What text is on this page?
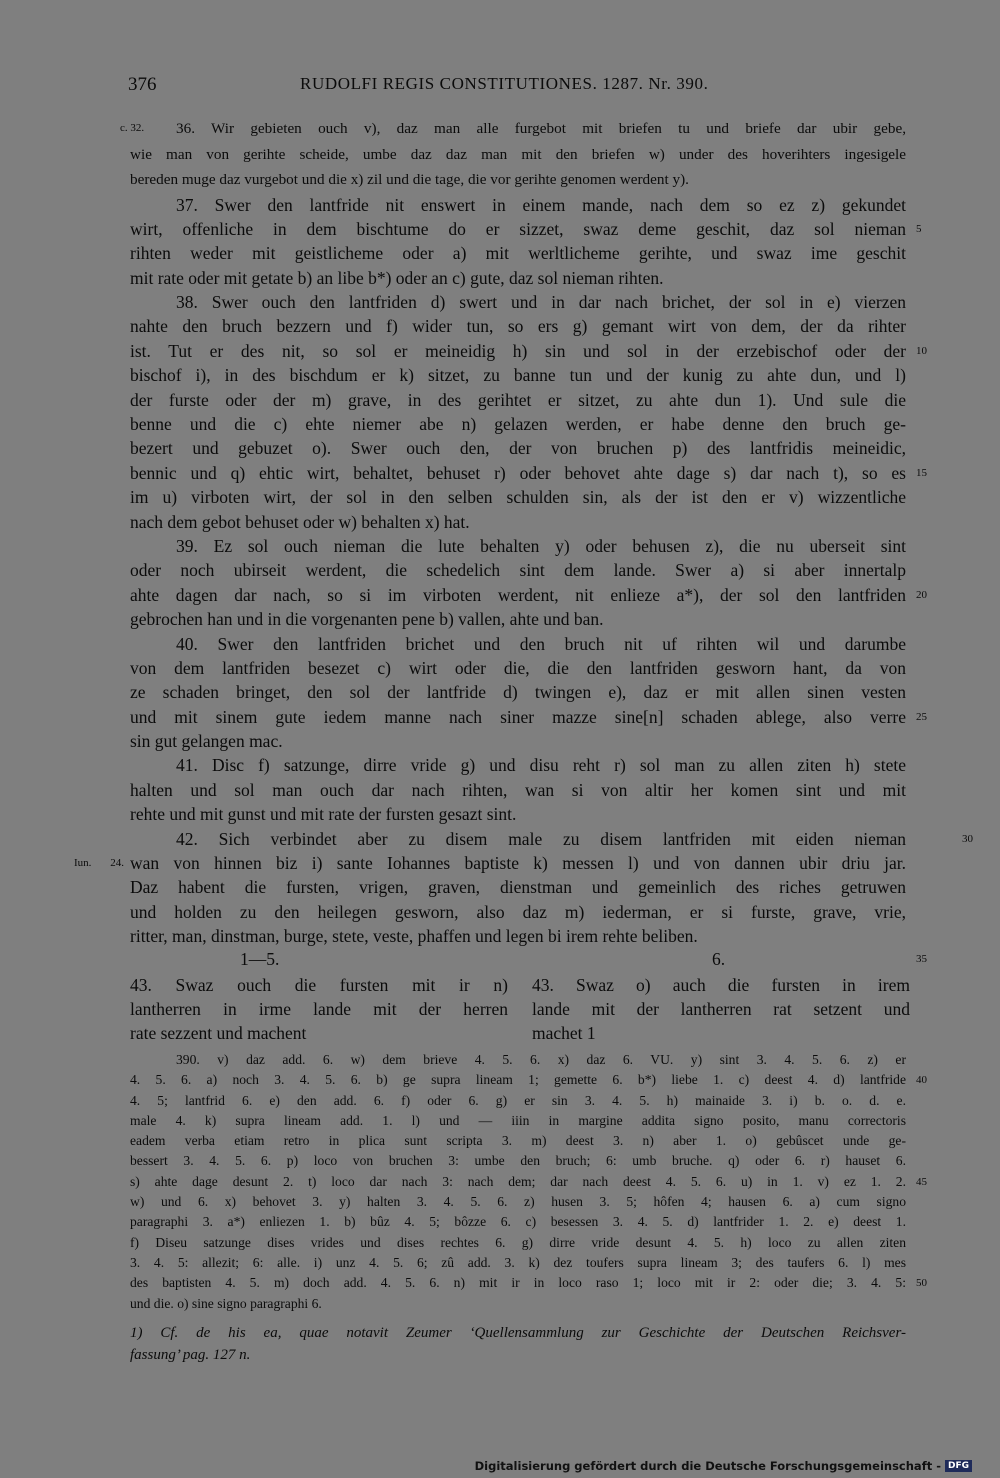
376	RUDOLFI REGIS CONSTITUTIONES. 1287. Nr. 390.
36. Wir gebieten ouch v), daz man alle furgebot mit briefen tu und briefe dar ubir gebe,
c. 32.
wie man von gerihte scheide, umbe daz daz man mit den briefen w) under des hoverihters ingesigele
bereden muge daz vurgebot und die x) zil und die tage, die vor gerihte genomen werdent y).
37. Swer den lantfride nit enswert in einem mande, nach dem so ez z) gekundet
wirt, offenliche in dem bischtume do er sizzet, swaz deme geschit, daz sol nieman 5
rihten weder mit geistlicheme oder a) mit werltlicheme gerihte, und swaz ime geschit
mit rate oder mit getate b) an libe b*) oder an c) gute, daz sol nieman rihten.
38. Swer ouch den lantfriden d) swert und in dar nach brichet, der sol in e) vierzen
nahte den bruch bezzern und f) wider tun, so ers g) gemant wirt von dem, der da rihter
ist. Tut er des nit, so sol er meineidig h) sin und sol in der erzebischof oder der 10
bischof i), in des bischdum er k) sitzet, zu banne tun und der kunig zu ahte dun, und l)
der furste oder der m) grave, in des gerihtet er sitzet, zu ahte dun 1). Und sule die
benne und die c) ehte niemer abe n) gelazen werden, er habe denne den bruch ge-
bezert und gebuzet o). Swer ouch den, der von bruchen p) des lantfridis meineidic,
bennic und q) ehtic wirt, behaltet, behuset r) oder behovet ahte dage s) dar nach t), so es 15
im u) virboten wirt, der sol in den selben schulden sin, als der ist den er v) wizzentliche
nach dem gebot behuset oder w) behalten x) hat.
39. Ez sol ouch nieman die lute behalten y) oder behusen z), die nu uberseit sint
oder noch ubirseit werdent, die schedelich sint dem lande. Swer a) si aber innertalp
ahte dagen dar nach, so si im virboten werdent, nit enlieze a*), der sol den lantfriden 20
gebrochen han und in die vorgenanten pene b) vallen, ahte und ban.
40. Swer den lantfriden brichet und den bruch nit uf rihten wil und darumbe
von dem lantfriden besezet c) wirt oder die, die den lantfriden gesworn hant, da von
ze schaden bringet, den sol der lantfride d) twingen e), daz er mit allen sinen vesten
und mit sinem gute iedem manne nach siner mazze sine[n] schaden ablege, also verre 25
sin gut gelangen mac.
41. Disc f) satzunge, dirre vride g) und disu reht r) sol man zu allen ziten h) stete
halten und sol man ouch dar nach rihten, wan si von altir her komen sint und mit
rehte und mit gunst und mit rate der fursten gesazt sint.
42. Sich verbindet aber zu disem male zu disem lantfriden mit eiden nieman	30
wan von hinnen biz i) sante Iohannes baptiste k) messen l) und von dannen ubir driu jar.
Iun. 24.
Daz habent die fursten, vrigen, graven, dienstman und gemeinlich des riches getruwen
und holden zu den heilegen gesworn, also daz m) iederman, er si furste, grave, vrie,
ritter, man, dinstman, burge, stete, veste, phaffen und legen bi irem rehte beliben.
1—5.	6.	35
43. Swaz ouch die fursten mit ir n)
lantherren in irme lande mit der herren
rate sezzent und machent
43. Swaz o) auch die fursten in irem
lande mit der lantherren rat setzent und
machet 1
390. v) daz add. 6. w) dem brieve 4. 5. 6. x) daz 6. VU. y) sint 3. 4. 5. 6. z) er
4. 5. 6. a) noch 3. 4. 5. 6. b) ge supra lineam 1; gemette 6. b*) liebe 1. c) deest 4. d) lantfride 40
4. 5; lantfrid 6. e) den add. 6. f) oder 6. g) er sin 3. 4. 5. h) mainaide 3. i) b. o. d. e.
male 4. k) supra lineam add. 1. l) und — iiin in margine addita signo posito, manu correctoris
eadem verba etiam retro in plica sunt scripta 3. m) deest 3. n) aber 1. o) gebûscet unde ge-
bessert 3. 4. 5. 6. p) loco von bruchen 3: umbe den bruch; 6: umb bruche. q) oder 6. r) hauset 6.
s) ahte dage desunt 2. t) loco dar nach 3: nach dem; dar nach deest 4. 5. 6. u) in 1. v) ez 1. 2. 45
w) und 6. x) behovet 3. y) halten 3. 4. 5. 6. z) husen 3. 5; hôfen 4; hausen 6. a) cum signo
paragraphi 3. a*) enliezen 1. b) bûz 4. 5; bôzze 6. c) besessen 3. 4. 5. d) lantfrider 1. 2. e) deest 1.
f) Diseu satzunge dises vrides und dises rechtes 6. g) dirre vride desunt 4. 5. h) loco zu allen ziten
3. 4. 5: allezit; 6: alle. i) unz 4. 5. 6; zû add. 3. k) dez toufers supra lineam 3; des taufers 6. l) mes
des baptisten 4. 5. m) doch add. 4. 5. 6. n) mit ir in loco raso 1; loco mit ir 2: oder die; 3. 4. 5: 50
und die. o) sine signo paragraphi 6.
1) Cf. de his ea, quae notavit Zeumer ‘Quellensammlung zur Geschichte der Deutschen Reichsver-
fassung’ pag. 127 n.
Digitalisierung gefördert durch die Deutsche Forschungsgemeinschaft - DFG
